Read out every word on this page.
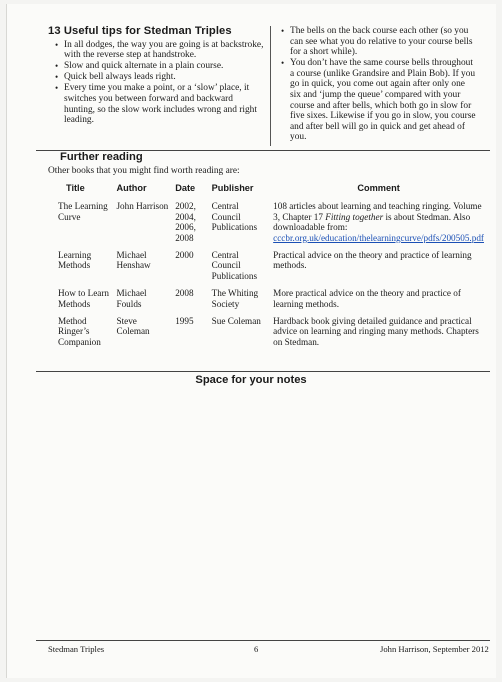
13 Useful tips for Stedman Triples
• In all dodges, the way you are going is at backstroke, with the reverse step at handstroke.
• Slow and quick alternate in a plain course.
• Quick bell always leads right.
• Every time you make a point, or a ‘slow’ place, it switches you between forward and backward hunting, so the slow work includes wrong and right leading.
• The bells on the back course each other (so you can see what you do relative to your course bells for a short while).
• You don’t have the same course bells throughout a course (unlike Grandsire and Plain Bob). If you go in quick, you come out again after only one six and ‘jump the queue’ compared with your course and after bells, which both go in slow for five sixes. Likewise if you go in slow, you course and after bell will go in quick and get ahead of you.
Further reading
Other books that you might find worth reading are:
Title	Author	Date	Publisher	Comment
The Learning Curve	John Harrison	2002, 2004, 2006, 2008	Central Council Publications	108 articles about learning and teaching ringing. Volume 3, Chapter 17 Fitting together is about Stedman. Also downloadable from: cccbr.org.uk/education/thelearningcurve/pdfs/200505.pdf
Learning Methods	Michael Henshaw	2000	Central Council Publications	Practical advice on the theory and practice of learning methods.
How to Learn Methods	Michael Foulds	2008	The Whiting Society	More practical advice on the theory and practice of learning methods.
Method Ringer’s Companion	Steve Coleman	1995	Sue Coleman	Hardback book giving detailed guidance and practical advice on learning and ringing many methods. Chapters on Stedman.
Space for your notes
Stedman Triples	6	John Harrison, September 2012
